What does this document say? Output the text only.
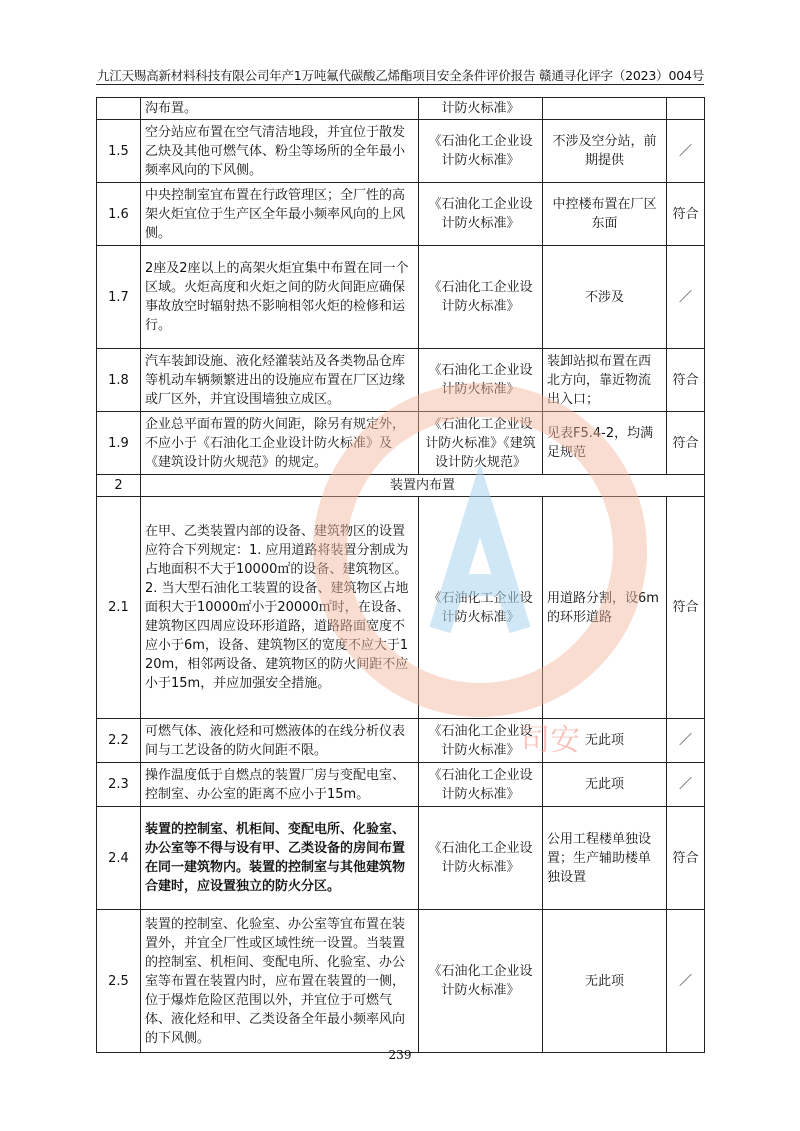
九江天赐高新材料科技有限公司年产1万吨氟代碳酸乙烯酯项目安全条件评价报告 赣通寻化评字（2023）004号
	沟布置。	计防火标准》		
1.5	空分站应布置在空气清洁地段，并宜位于散发乙炔及其他可燃气体、粉尘等场所的全年最小频率风向的下风侧。	《石油化工企业设计防火标准》	不涉及空分站，前期提供	／
1.6	中央控制室宜布置在行政管理区；全厂性的高架火炬宜位于生产区全年最小频率风向的上风侧。	《石油化工企业设计防火标准》	中控楼布置在厂区东面	符合
1.7	2座及2座以上的高架火炬宜集中布置在同一个区域。火炬高度和火炬之间的防火间距应确保事故放空时辐射热不影响相邻火炬的检修和运行。	《石油化工企业设计防火标准》	不涉及	／
1.8	汽车装卸设施、液化烃灌装站及各类物品仓库等机动车辆频繁进出的设施应布置在厂区边缘或厂区外，并宜设围墙独立成区。	《石油化工企业设计防火标准》	装卸站拟布置在西北方向，靠近物流出入口；	符合
1.9	企业总平面布置的防火间距，除另有规定外，不应小于《石油化工企业设计防火标准》及《建筑设计防火规范》的规定。	《石油化工企业设计防火标准》《建筑设计防火规范》	见表F5.4-2，均满足规范	符合
2	装置内布置			
2.1	在甲、乙类装置内部的设备、建筑物区的设置应符合下列规定：1. 应用道路将装置分割成为占地面积不大于10000㎡的设备、建筑物区。2. 当大型石油化工装置的设备、建筑物区占地面积大于10000㎡小于20000㎡时，在设备、建筑物区四周应设环形道路，道路路面宽度不应小于6m，设备、建筑物区的宽度不应大于120m，相邻两设备、建筑物区的防火间距不应小于15m，并应加强安全措施。	《石油化工企业设计防火标准》	用道路分割，设6m的环形道路	符合
2.2	可燃气体、液化烃和可燃液体的在线分析仪表间与工艺设备的防火间距不限。	《石油化工企业设计防火标准》	无此项	／
2.3	操作温度低于自燃点的装置厂房与变配电室、控制室、办公室的距离不应小于15m。	《石油化工企业设计防火标准》	无此项	／
2.4	装置的控制室、机柜间、变配电所、化验室、办公室等不得与设有甲、乙类设备的房间布置在同一建筑物内。装置的控制室与其他建筑物合建时，应设置独立的防火分区。	《石油化工企业设计防火标准》	公用工程楼单独设置；生产辅助楼单独设置	符合
2.5	装置的控制室、化验室、办公室等宜布置在装置外，并宜全厂性或区域性统一设置。当装置的控制室、机柜间、变配电所、化验室、办公室等布置在装置内时，应布置在装置的一侧，位于爆炸危险区范围以外，并宜位于可燃气体、液化烃和甲、乙类设备全年最小频率风向的下风侧。	《石油化工企业设计防火标准》	无此项	／
司安
239
